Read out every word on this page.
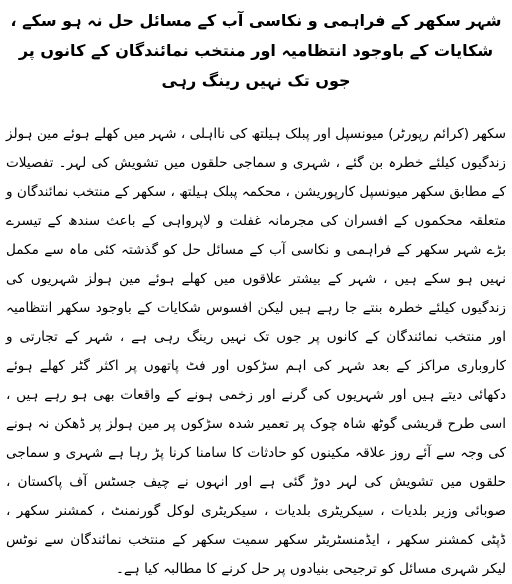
شہر سکھر کے فراہمی و نکاسی آب کے مسائل حل نہ ہو سکے ، شکایات کے باوجود انتظامیہ اور منتخب نمائندگان کے کانوں پر جوں تک نہیں رینگ رہی

سکھر (کرائم رپورٹر) میونسپل اور پبلک ہیلتھ کی نااہلی ، شہر میں کھلے ہوئے مین ہولز زندگیوں کیلئے خطرہ بن گئے ، شہری و سماجی حلقوں میں تشویش کی لہر۔ تفصیلات کے مطابق سکھر میونسپل کارپوریشن ، محکمہ پبلک ہیلتھ ، سکھر کے منتخب نمائندگان و متعلقہ محکموں کے افسران کی مجرمانہ غفلت و لاپرواہی کے باعث سندھ کے تیسرے بڑے شہر سکھر کے فراہمی و نکاسی آب کے مسائل حل کو گذشتہ کئی ماہ سے مکمل نہیں ہو سکے ہیں ، شہر کے بیشتر علاقوں میں کھلے ہوئے مین ہولز شہریوں کی زندگیوں کیلئے خطرہ بنتے جا رہے ہیں لیکن افسوس شکایات کے باوجود سکھر انتظامیہ اور منتخب نمائندگان کے کانوں پر جوں تک نہیں رینگ رہی ہے ، شہر کے تجارتی و کاروباری مراکز کے بعد شہر کی اہم سڑکوں اور فٹ پاتھوں پر اکثر گٹر کھلے ہوئے دکھائی دیتے ہیں اور شہریوں کی گرنے اور زخمی ہونے کے واقعات بھی ہو رہے ہیں ، اسی طرح قریشی گوٹھ شاہ چوک پر تعمیر شدہ سڑکوں پر مین ہولز پر ڈھکن نہ ہونے کی وجہ سے آئے روز علاقہ مکینوں کو حادثات کا سامنا کرنا پڑ رہا ہے شہری و سماجی حلقوں میں تشویش کی لہر دوڑ گئی ہے اور انہوں نے چیف جسٹس آف پاکستان ، صوبائی وزیر بلدیات ، سیکریٹری بلدیات ، سیکریٹری لوکل گورنمنٹ ، کمشنر سکھر ، ڈپٹی کمشنر سکھر ، ایڈمنسٹریٹر سکھر سمیت سکھر کے منتخب نمائندگان سے نوٹس لیکر شہری مسائل کو ترجیحی بنیادوں پر حل کرنے کا مطالبہ کیا ہے۔
